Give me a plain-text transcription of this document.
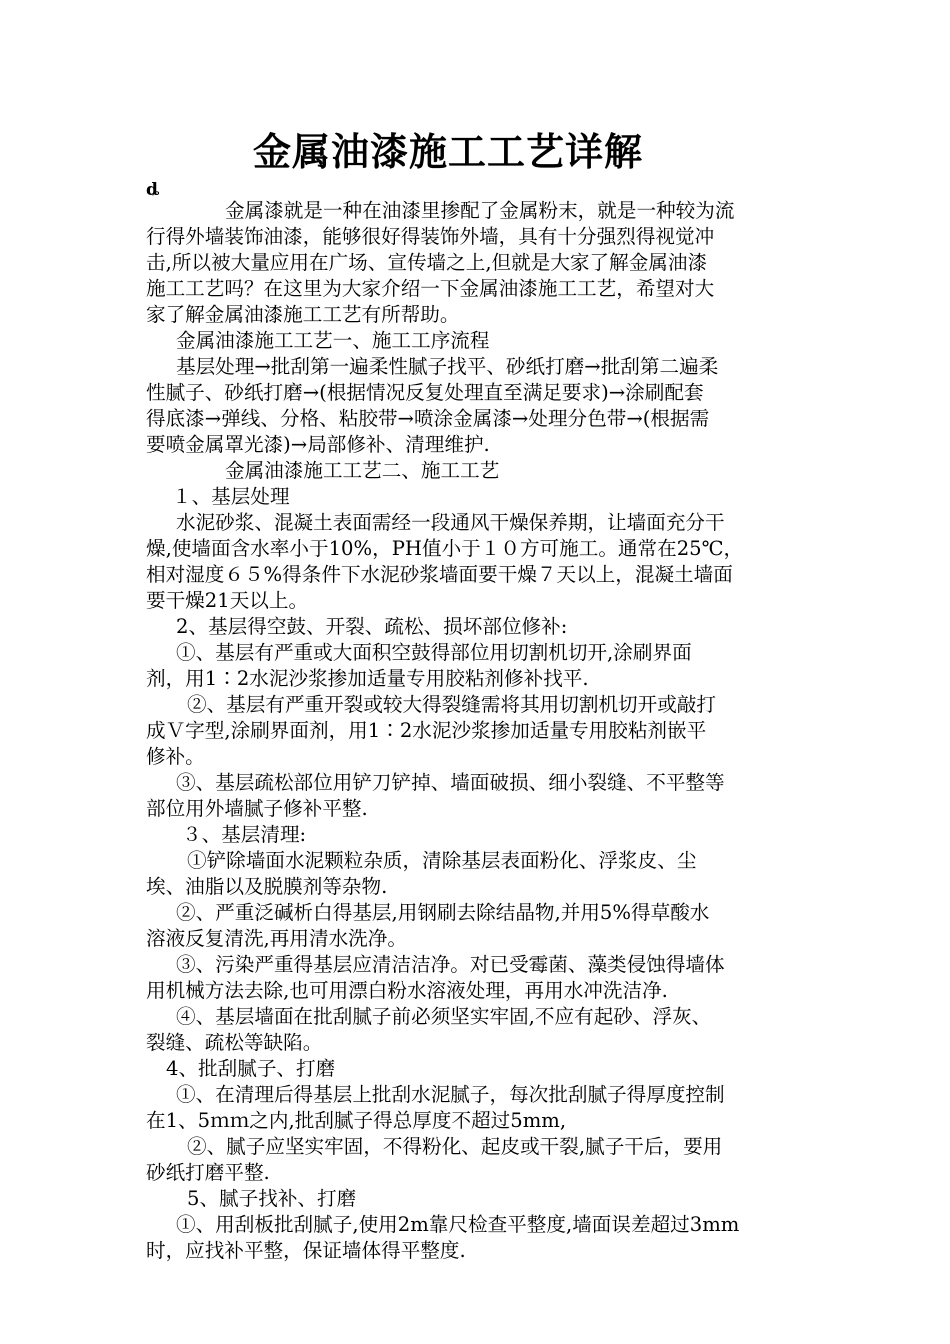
金属油漆施工工艺详解
ȡ

金属漆就是一种在油漆里掺配了金属粉末，就是一种较为流

行得外墙装饰油漆，能够很好得装饰外墙，具有十分强烈得视觉冲

击,所以被大量应用在广场、宣传墙之上,但就是大家了解金属油漆

施工工艺吗？在这里为大家介绍一下金属油漆施工工艺，希望对大

家了解金属油漆施工工艺有所帮助。

金属油漆施工工艺一、施工工序流程

基层处理→批刮第一遍柔性腻子找平、砂纸打磨→批刮第二遍柔

性腻子、砂纸打磨→(根据情况反复处理直至满足要求)→涂刷配套

得底漆→弹线、分格、粘胶带→喷涂金属漆→处理分色带→(根据需

要喷金属罩光漆)→局部修补、清理维护.

金属油漆施工工艺二、施工工艺

１、基层处理

水泥砂浆、混凝土表面需经一段通风干燥保养期，让墙面充分干

燥,使墙面含水率小于10%，PH值小于１０方可施工。通常在25℃，

相对湿度６５%得条件下水泥砂浆墙面要干燥７天以上，混凝土墙面

要干燥21天以上。

2、基层得空鼓、开裂、疏松、损坏部位修补:

①、基层有严重或大面积空鼓得部位用切割机切开,涂刷界面

剂，用1∶2水泥沙浆掺加适量专用胶粘剂修补找平.

②、基层有严重开裂或较大得裂缝需将其用切割机切开或敲打

成Ｖ字型,涂刷界面剂，用1∶2水泥沙浆掺加适量专用胶粘剂嵌平

修补。

③、基层疏松部位用铲刀铲掉、墙面破损、细小裂缝、不平整等

部位用外墙腻子修补平整.

３、基层清理:

①铲除墙面水泥颗粒杂质，清除基层表面粉化、浮浆皮、尘

埃、油脂以及脱膜剂等杂物.

②、严重泛碱析白得基层,用钢刷去除结晶物,并用5%得草酸水

溶液反复清洗,再用清水洗净。

③、污染严重得基层应清洁洁净。对已受霉菌、藻类侵蚀得墙体

用机械方法去除,也可用漂白粉水溶液处理，再用水冲洗洁净.

④、基层墙面在批刮腻子前必须坚实牢固,不应有起砂、浮灰、

裂缝、疏松等缺陷。

4、批刮腻子、打磨

①、在清理后得基层上批刮水泥腻子，每次批刮腻子得厚度控制

在1、5ｍｍ之内,批刮腻子得总厚度不超过5mm,

②、腻子应坚实牢固，不得粉化、起皮或干裂,腻子干后，要用

砂纸打磨平整.

5、腻子找补、打磨

①、用刮板批刮腻子,使用2m靠尺检查平整度,墙面误差超过3mm

时，应找补平整，保证墙体得平整度.
